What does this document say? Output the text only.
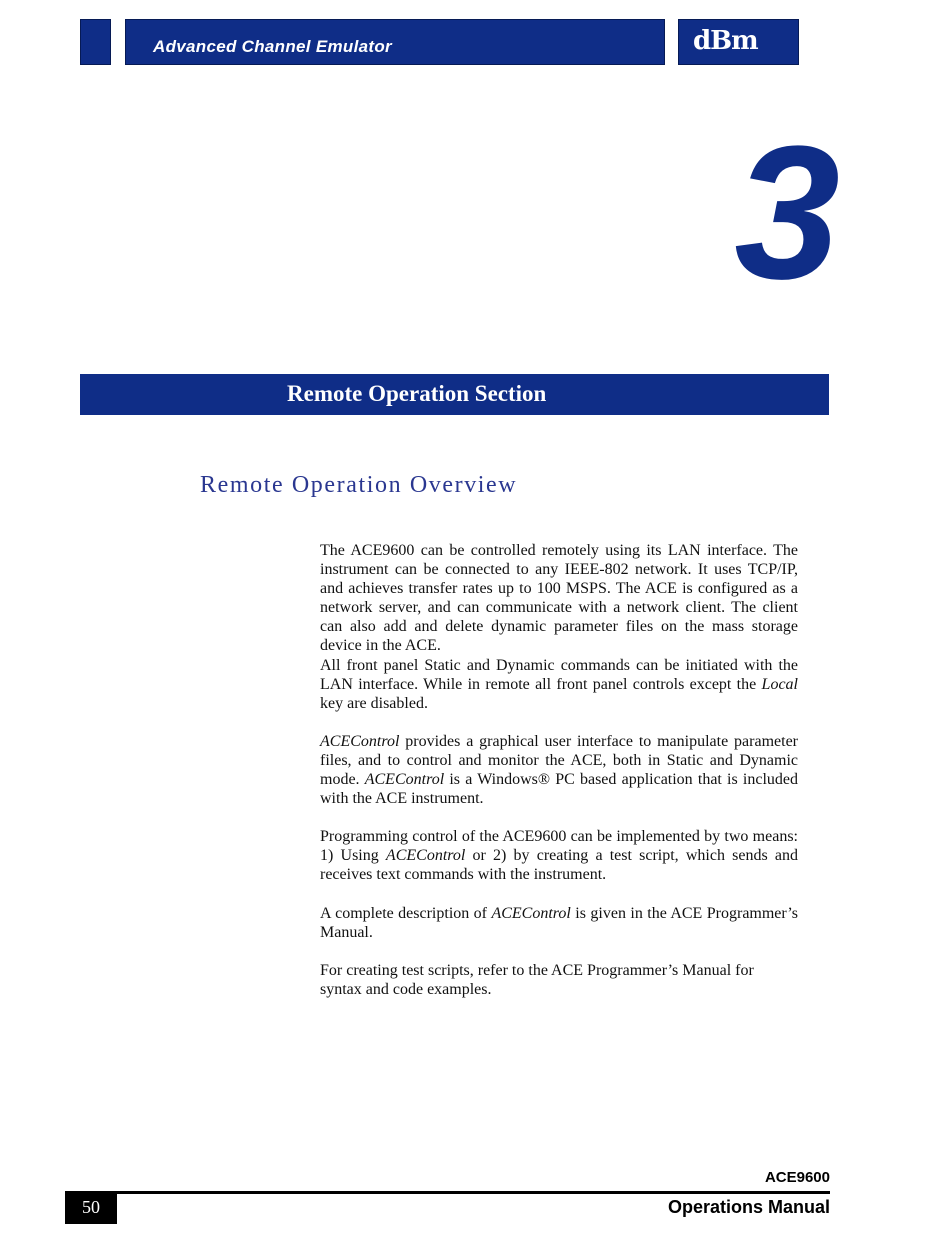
Advanced Channel Emulator	dBm
3
Remote Operation Section
Remote Operation Overview

The ACE9600 can be controlled remotely using its LAN interface. The instrument can be connected to any IEEE-802 network. It uses TCP/IP, and achieves transfer rates up to 100 MSPS. The ACE is configured as a network server, and can communicate with a network client. The client can also add and delete dynamic parameter files on the mass storage device in the ACE.

All front panel Static and Dynamic commands can be initiated with the LAN interface. While in remote all front panel controls except the Local key are disabled.

ACEControl provides a graphical user interface to manipulate parameter files, and to control and monitor the ACE, both in Static and Dynamic mode. ACEControl is a Windows® PC based application that is included with the ACE instrument.

Programming control of the ACE9600 can be implemented by two means: 1) Using ACEControl or 2) by creating a test script, which sends and receives text commands with the instrument.

A complete description of ACEControl is given in the ACE Programmer’s Manual.

For creating test scripts, refer to the ACE Programmer’s Manual for syntax and code examples.

ACE9600
50	Operations Manual
